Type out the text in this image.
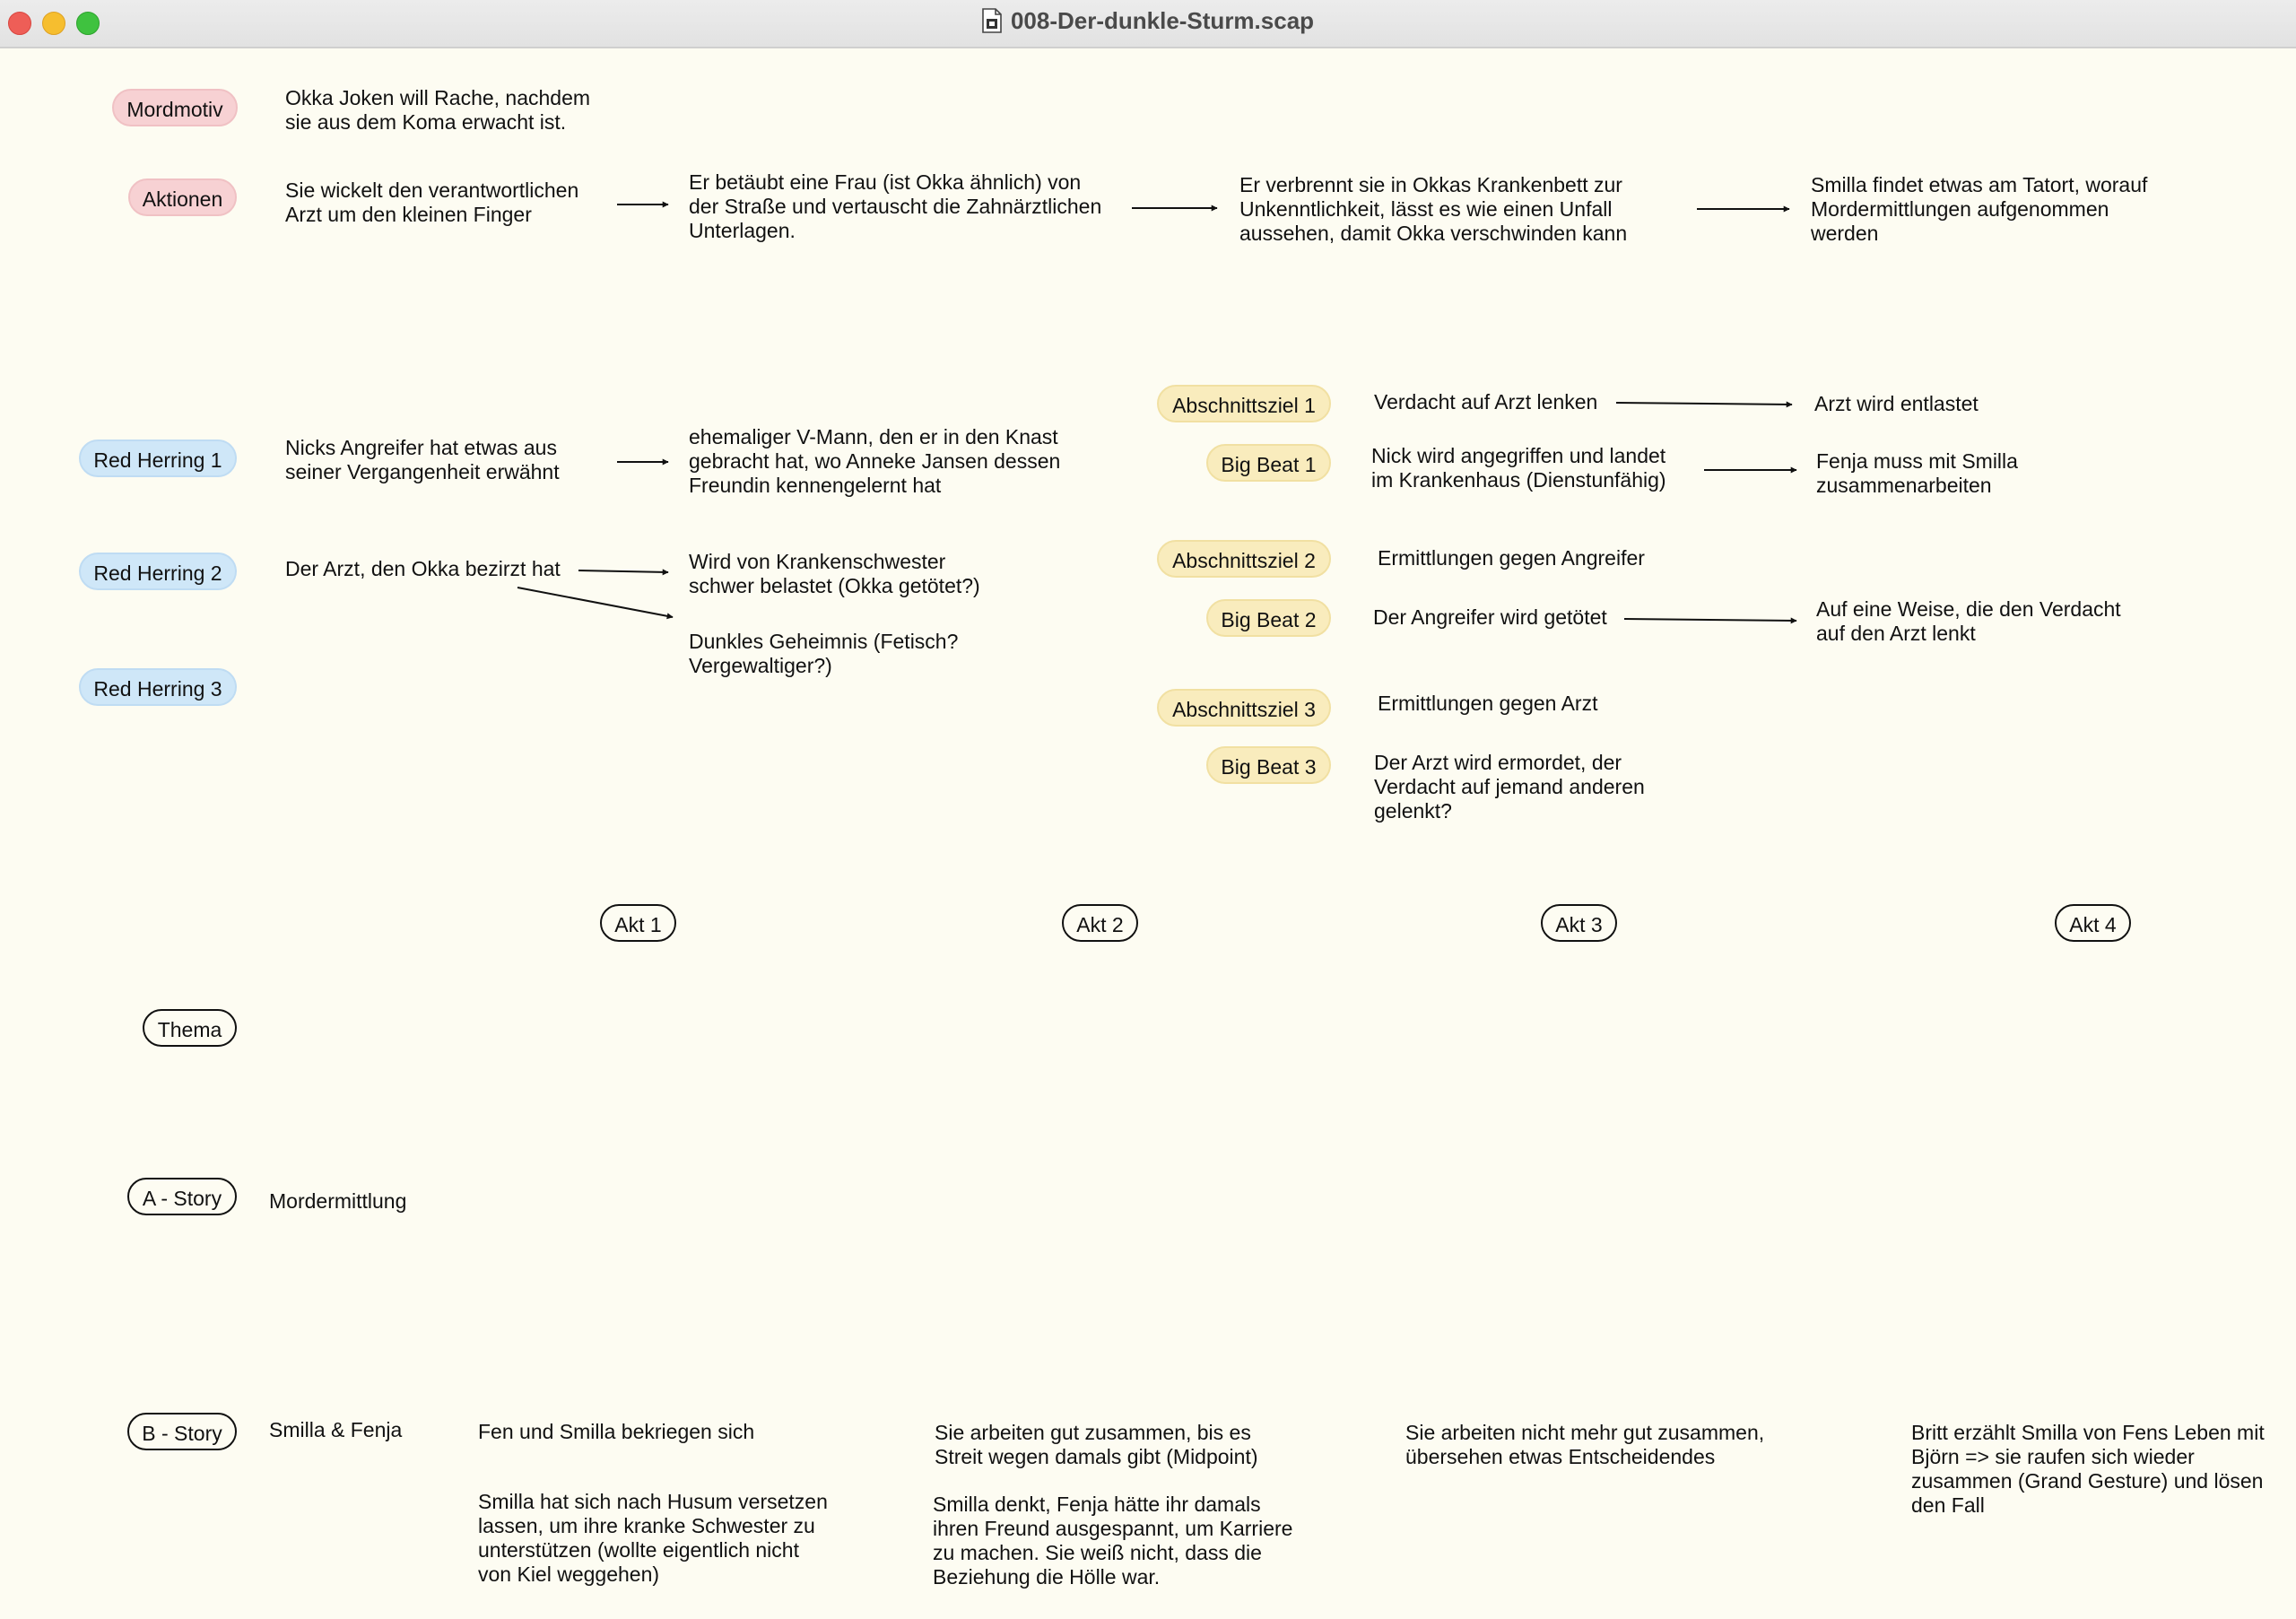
008-Der-dunkle-Sturm.scap
Mordmotiv
Aktionen
Red Herring 1
Red Herring 2
Red Herring 3
Abschnittsziel 1
Big Beat 1
Abschnittsziel 2
Big Beat 2
Abschnittsziel 3
Big Beat 3
Akt 1	Akt 2	Akt 3	Akt 4
Thema
A - Story
B - Story
Okka Joken will Rache, nachdem
sie aus dem Koma erwacht ist.
Sie wickelt den verantwortlichen
Arzt um den kleinen Finger
Er betäubt eine Frau (ist Okka ähnlich) von
der Straße und vertauscht die Zahnärztlichen
Unterlagen.
Er verbrennt sie in Okkas Krankenbett zur
Unkenntlichkeit, lässt es wie einen Unfall
aussehen, damit Okka verschwinden kann
Smilla findet etwas am Tatort, worauf
Mordermittlungen aufgenommen
werden
Nicks Angreifer hat etwas aus
seiner Vergangenheit erwähnt
ehemaliger V-Mann, den er in den Knast
gebracht hat, wo Anneke Jansen dessen
Freundin kennengelernt hat
Der Arzt, den Okka bezirzt hat	Wird von Krankenschwester
schwer belastet (Okka getötet?)
Dunkles Geheimnis (Fetisch?
Vergewaltiger?)
Verdacht auf Arzt lenken	Arzt wird entlastet
Nick wird angegriffen und landet
im Krankenhaus (Dienstunfähig)
Fenja muss mit Smilla
zusammenarbeiten
Ermittlungen gegen Angreifer
Der Angreifer wird getötet	Auf eine Weise, die den Verdacht
auf den Arzt lenkt
Ermittlungen gegen Arzt
Der Arzt wird ermordet, der
Verdacht auf jemand anderen
gelenkt?
Mordermittlung
Smilla & Fenja	Fen und Smilla bekriegen sich
Smilla hat sich nach Husum versetzen
lassen, um ihre kranke Schwester zu
unterstützen (wollte eigentlich nicht
von Kiel weggehen)
Sie arbeiten gut zusammen, bis es
Streit wegen damals gibt (Midpoint)
Smilla denkt, Fenja hätte ihr damals
ihren Freund ausgespannt, um Karriere
zu machen. Sie weiß nicht, dass die
Beziehung die Hölle war.
Sie arbeiten nicht mehr gut zusammen,
übersehen etwas Entscheidendes
Britt erzählt Smilla von Fens Leben mit
Björn => sie raufen sich wieder
zusammen (Grand Gesture) und lösen
den Fall
